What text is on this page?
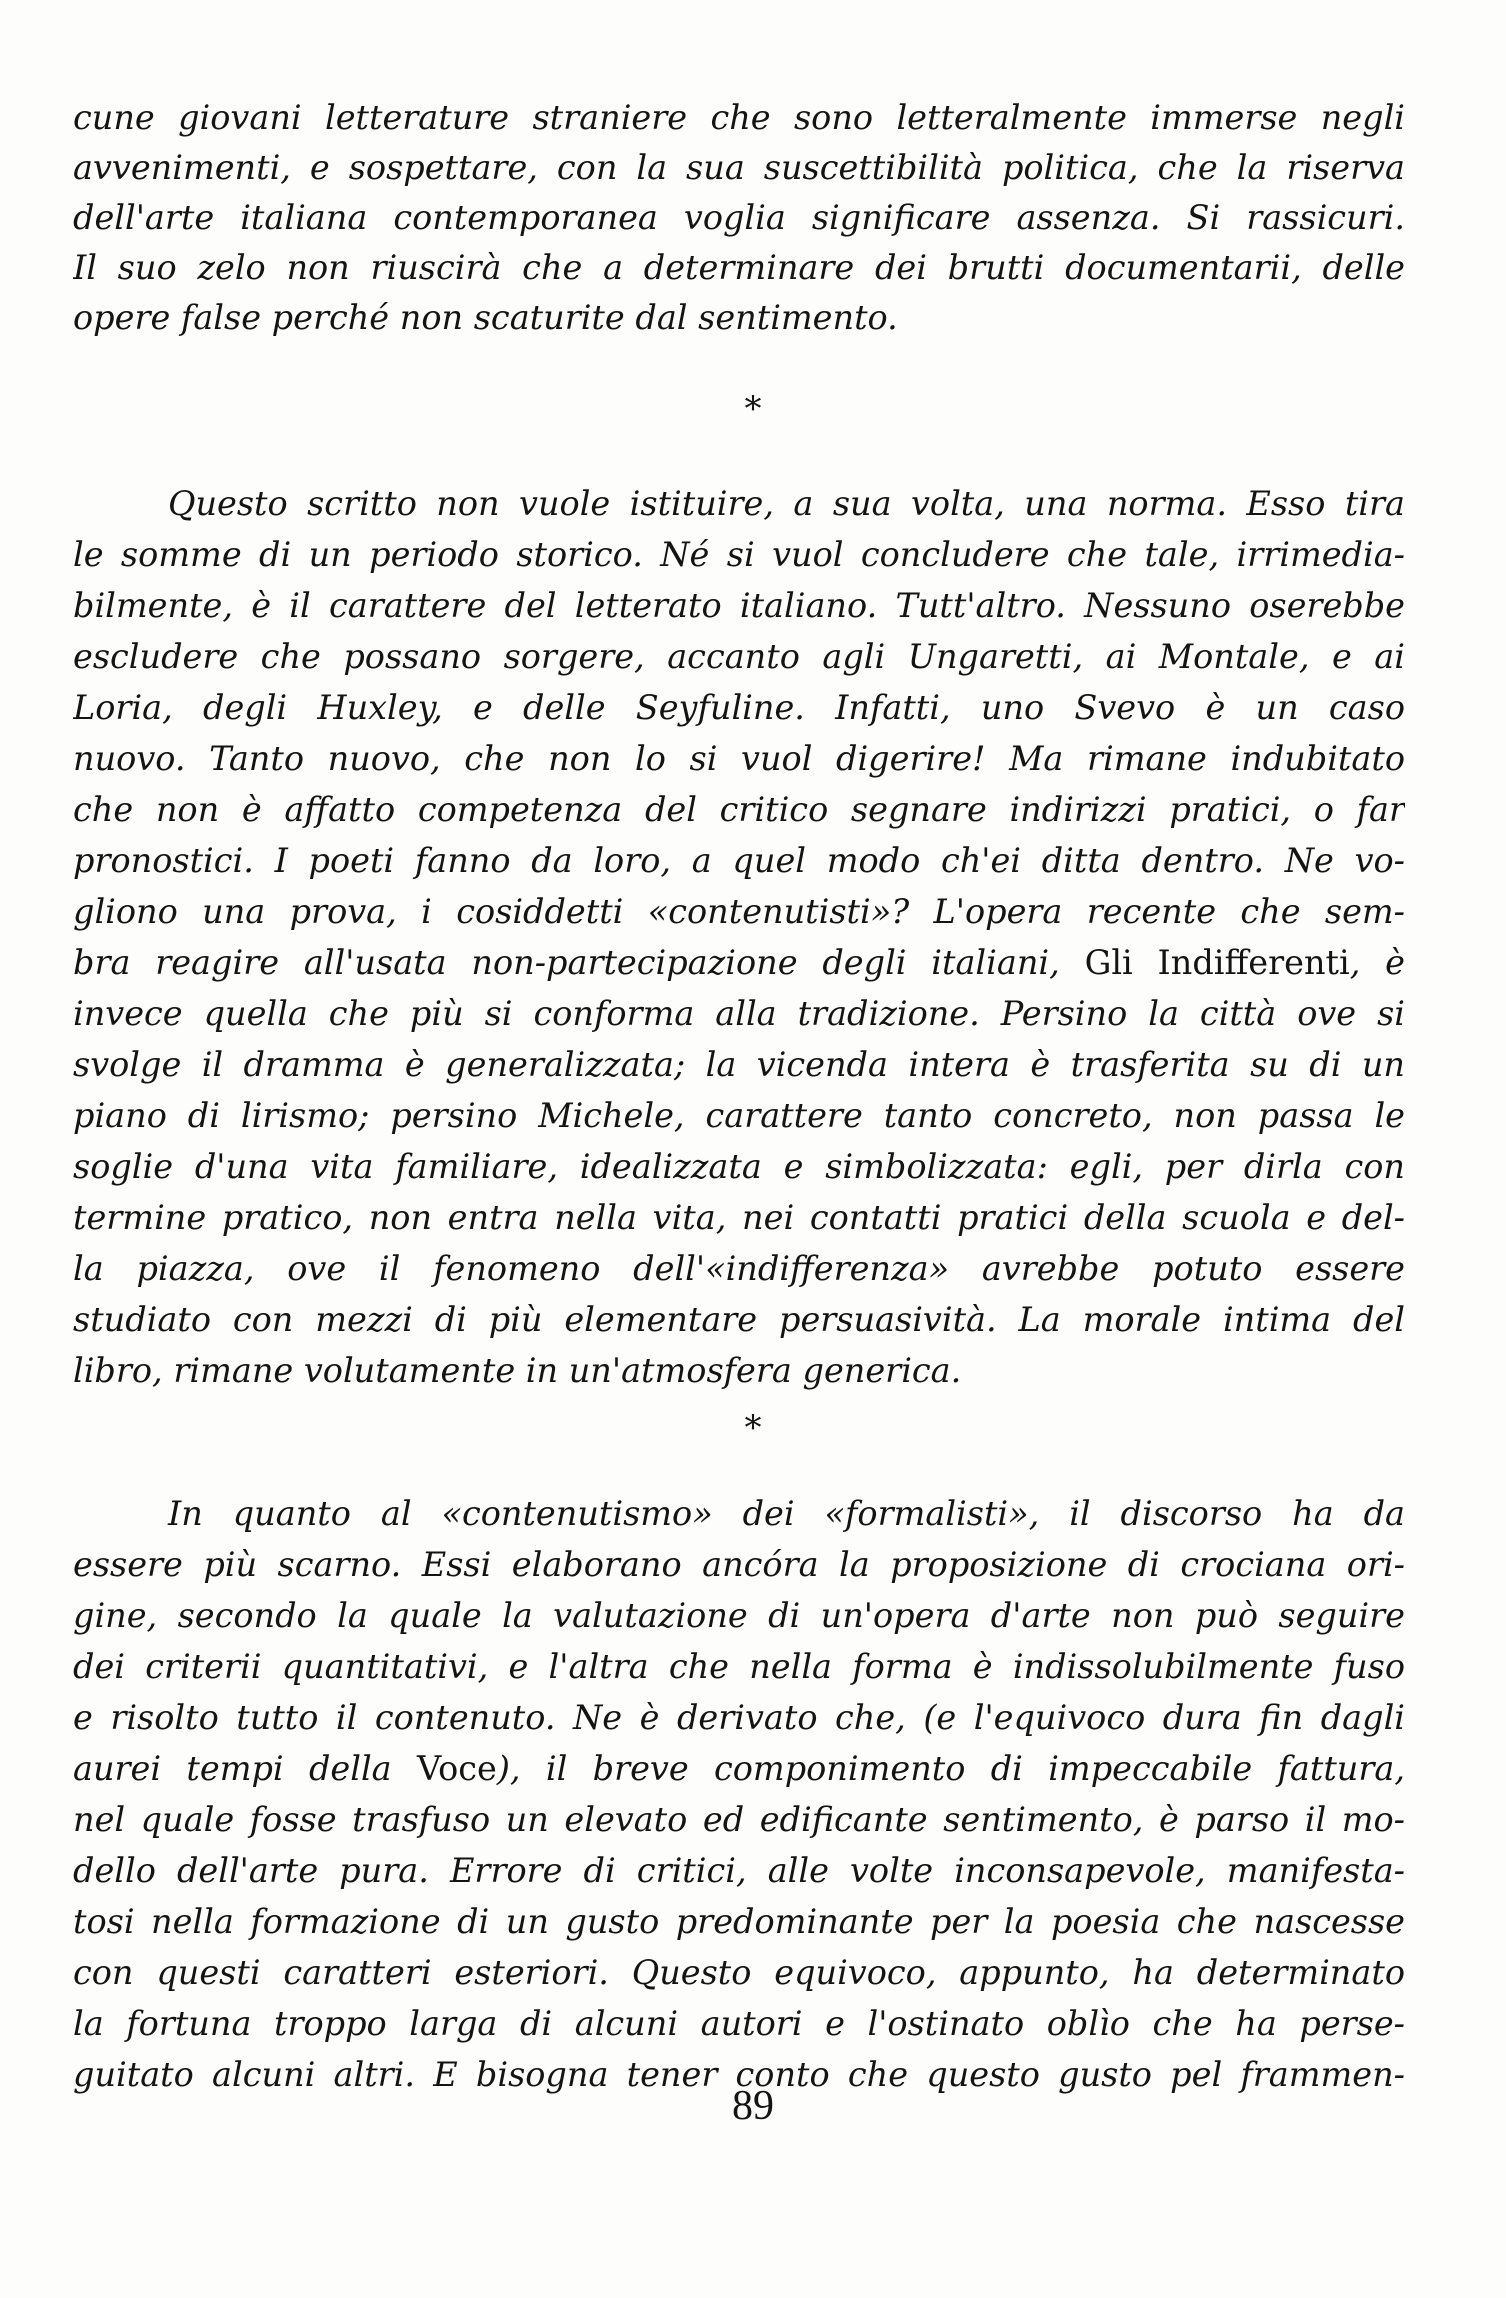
cune giovani letterature straniere che sono letteralmente immerse negli
avvenimenti, e sospettare, con la sua suscettibilità politica, che la riserva
dell'arte italiana contemporanea voglia significare assenza. Si rassicuri.
Il suo zelo non riuscirà che a determinare dei brutti documentarii, delle
opere false perché non scaturite dal sentimento.
*
Questo scritto non vuole istituire, a sua volta, una norma. Esso tira
le somme di un periodo storico. Né si vuol concludere che tale, irrimedia-
bilmente, è il carattere del letterato italiano. Tutt'altro. Nessuno oserebbe
escludere che possano sorgere, accanto agli Ungaretti, ai Montale, e ai
Loria, degli Huxley, e delle Seyfuline. Infatti, uno Svevo è un caso
nuovo. Tanto nuovo, che non lo si vuol digerire! Ma rimane indubitato
che non è affatto competenza del critico segnare indirizzi pratici, o far
pronostici. I poeti fanno da loro, a quel modo ch'ei ditta dentro. Ne vo-
gliono una prova, i cosiddetti «contenutisti»? L'opera recente che sem-
bra reagire all'usata non-partecipazione degli italiani, Gli Indifferenti, è
invece quella che più si conforma alla tradizione. Persino la città ove si
svolge il dramma è generalizzata; la vicenda intera è trasferita su di un
piano di lirismo; persino Michele, carattere tanto concreto, non passa le
soglie d'una vita familiare, idealizzata e simbolizzata: egli, per dirla con
termine pratico, non entra nella vita, nei contatti pratici della scuola e del-
la piazza, ove il fenomeno dell'«indifferenza» avrebbe potuto essere
studiato con mezzi di più elementare persuasività. La morale intima del
libro, rimane volutamente in un'atmosfera generica.
*
In quanto al «contenutismo» dei «formalisti», il discorso ha da
essere più scarno. Essi elaborano ancóra la proposizione di crociana ori-
gine, secondo la quale la valutazione di un'opera d'arte non può seguire
dei criterii quantitativi, e l'altra che nella forma è indissolubilmente fuso
e risolto tutto il contenuto. Ne è derivato che, (e l'equivoco dura fin dagli
aurei tempi della Voce), il breve componimento di impeccabile fattura,
nel quale fosse trasfuso un elevato ed edificante sentimento, è parso il mo-
dello dell'arte pura. Errore di critici, alle volte inconsapevole, manifesta-
tosi nella formazione di un gusto predominante per la poesia che nascesse
con questi caratteri esteriori. Questo equivoco, appunto, ha determinato
la fortuna troppo larga di alcuni autori e l'ostinato oblìo che ha perse-
guitato alcuni altri. E bisogna tener conto che questo gusto pel frammen-
89
